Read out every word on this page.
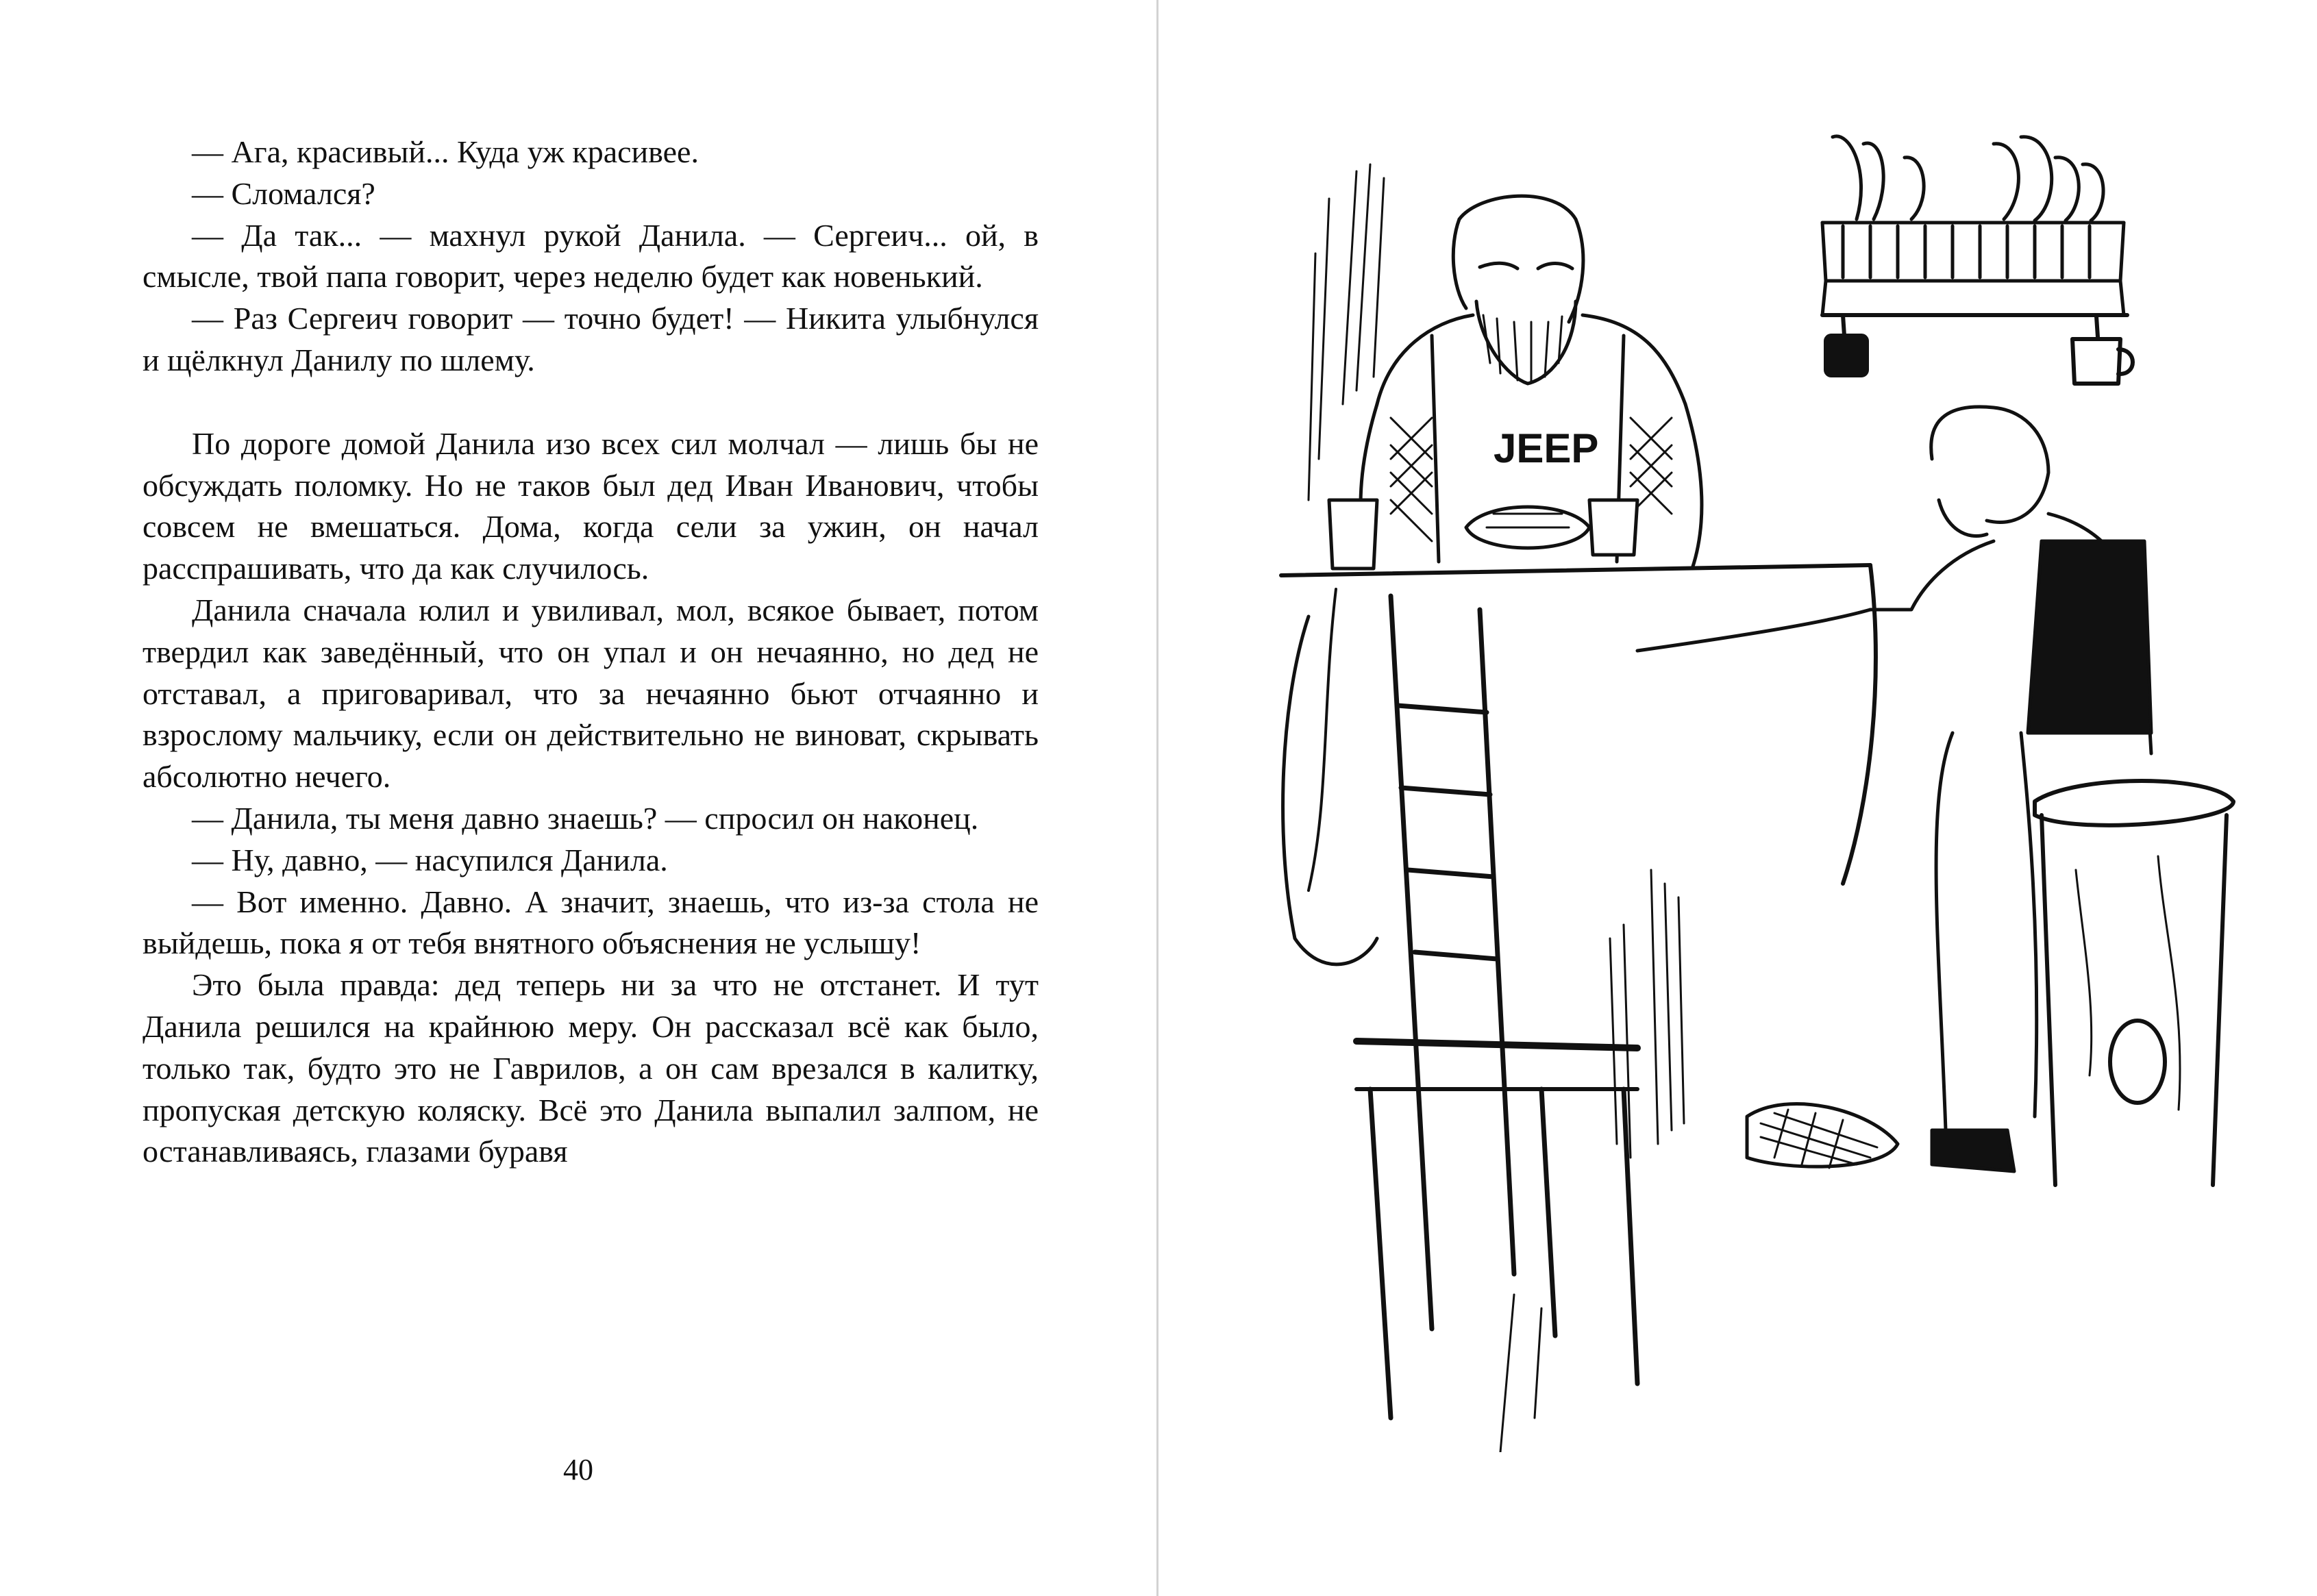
— Ага, красивый... Куда уж красивее.

— Сломался?

— Да так... — махнул рукой Данила. — Сергеич... ой, в смысле, твой папа говорит, через неделю будет как новенький.

— Раз Сергеич говорит — точно будет! — Никита улыбнулся и щёлкнул Данилу по шлему.

По дороге домой Данила изо всех сил молчал — лишь бы не обсуждать поломку. Но не таков был дед Иван Иванович, чтобы совсем не вмешаться. Дома, когда сели за ужин, он начал расспрашивать, что да как случилось.

Данила сначала юлил и увиливал, мол, всякое бывает, потом твердил как заведённый, что он упал и он нечаянно, но дед не отставал, а приговаривал, что за нечаянно бьют отчаянно и взрослому мальчику, если он действительно не виноват, скрывать абсолютно нечего.

— Данила, ты меня давно знаешь? — спросил он наконец.

— Ну, давно, — насупился Данила.

— Вот именно. Давно. А значит, знаешь, что из-за стола не выйдешь, пока я от тебя внятного объяснения не услышу!

Это была правда: дед теперь ни за что не отстанет. И тут Данила решился на крайнюю меру. Он рассказал всё как было, только так, будто это не Гаврилов, а он сам врезался в калитку, пропуская детскую коляску. Всё это Данила выпалил залпом, не останавливаясь, глазами буравя

40
JEEP
